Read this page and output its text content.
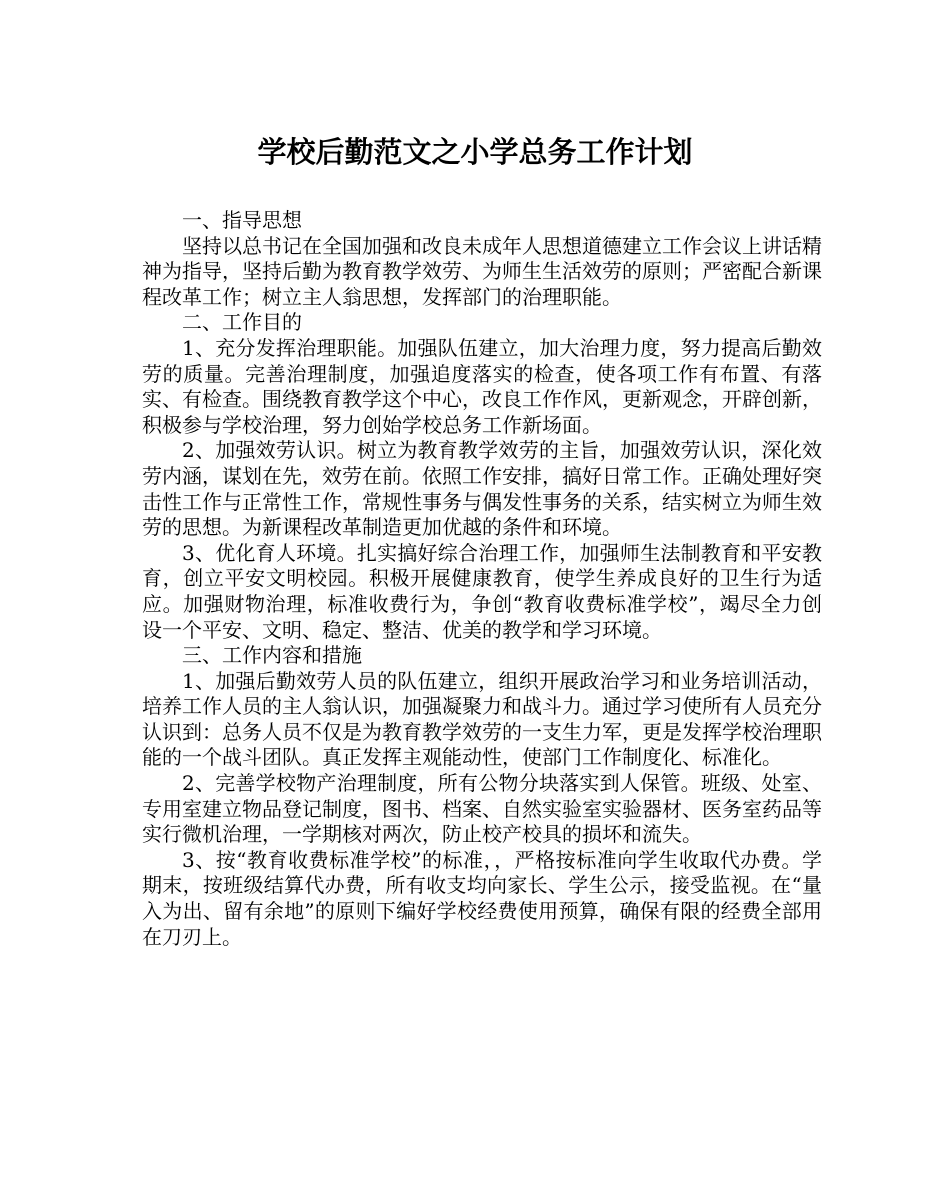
学校后勤范文之小学总务工作计划

一、指导思想

坚持以总书记在全国加强和改良未成年人思想道德建立工作会议上讲话精神为指导，坚持后勤为教育教学效劳、为师生生活效劳的原则；严密配合新课程改革工作；树立主人翁思想，发挥部门的治理职能。

二、工作目的

1、充分发挥治理职能。加强队伍建立，加大治理力度，努力提高后勤效劳的质量。完善治理制度，加强追度落实的检查，使各项工作有布置、有落实、有检查。围绕教育教学这个中心，改良工作作风，更新观念，开辟创新，积极参与学校治理，努力创始学校总务工作新场面。

2、加强效劳认识。树立为教育教学效劳的主旨，加强效劳认识，深化效劳内涵，谋划在先，效劳在前。依照工作安排，搞好日常工作。正确处理好突击性工作与正常性工作，常规性事务与偶发性事务的关系，结实树立为师生效劳的思想。为新课程改革制造更加优越的条件和环境。

3、优化育人环境。扎实搞好综合治理工作，加强师生法制教育和平安教育，创立平安文明校园。积极开展健康教育，使学生养成良好的卫生行为适应。加强财物治理，标准收费行为，争创“教育收费标准学校”，竭尽全力创设一个平安、文明、稳定、整洁、优美的教学和学习环境。

三、工作内容和措施

1、加强后勤效劳人员的队伍建立，组织开展政治学习和业务培训活动，培养工作人员的主人翁认识，加强凝聚力和战斗力。通过学习使所有人员充分认识到：总务人员不仅是为教育教学效劳的一支生力军，更是发挥学校治理职能的一个战斗团队。真正发挥主观能动性，使部门工作制度化、标准化。

2、完善学校物产治理制度，所有公物分块落实到人保管。班级、处室、专用室建立物品登记制度，图书、档案、自然实验室实验器材、医务室药品等实行微机治理，一学期核对两次，防止校产校具的损坏和流失。

3、按“教育收费标准学校”的标准，，严格按标准向学生收取代办费。学期末，按班级结算代办费，所有收支均向家长、学生公示，接受监视。在“量入为出、留有余地”的原则下编好学校经费使用预算，确保有限的经费全部用在刀刃上。
